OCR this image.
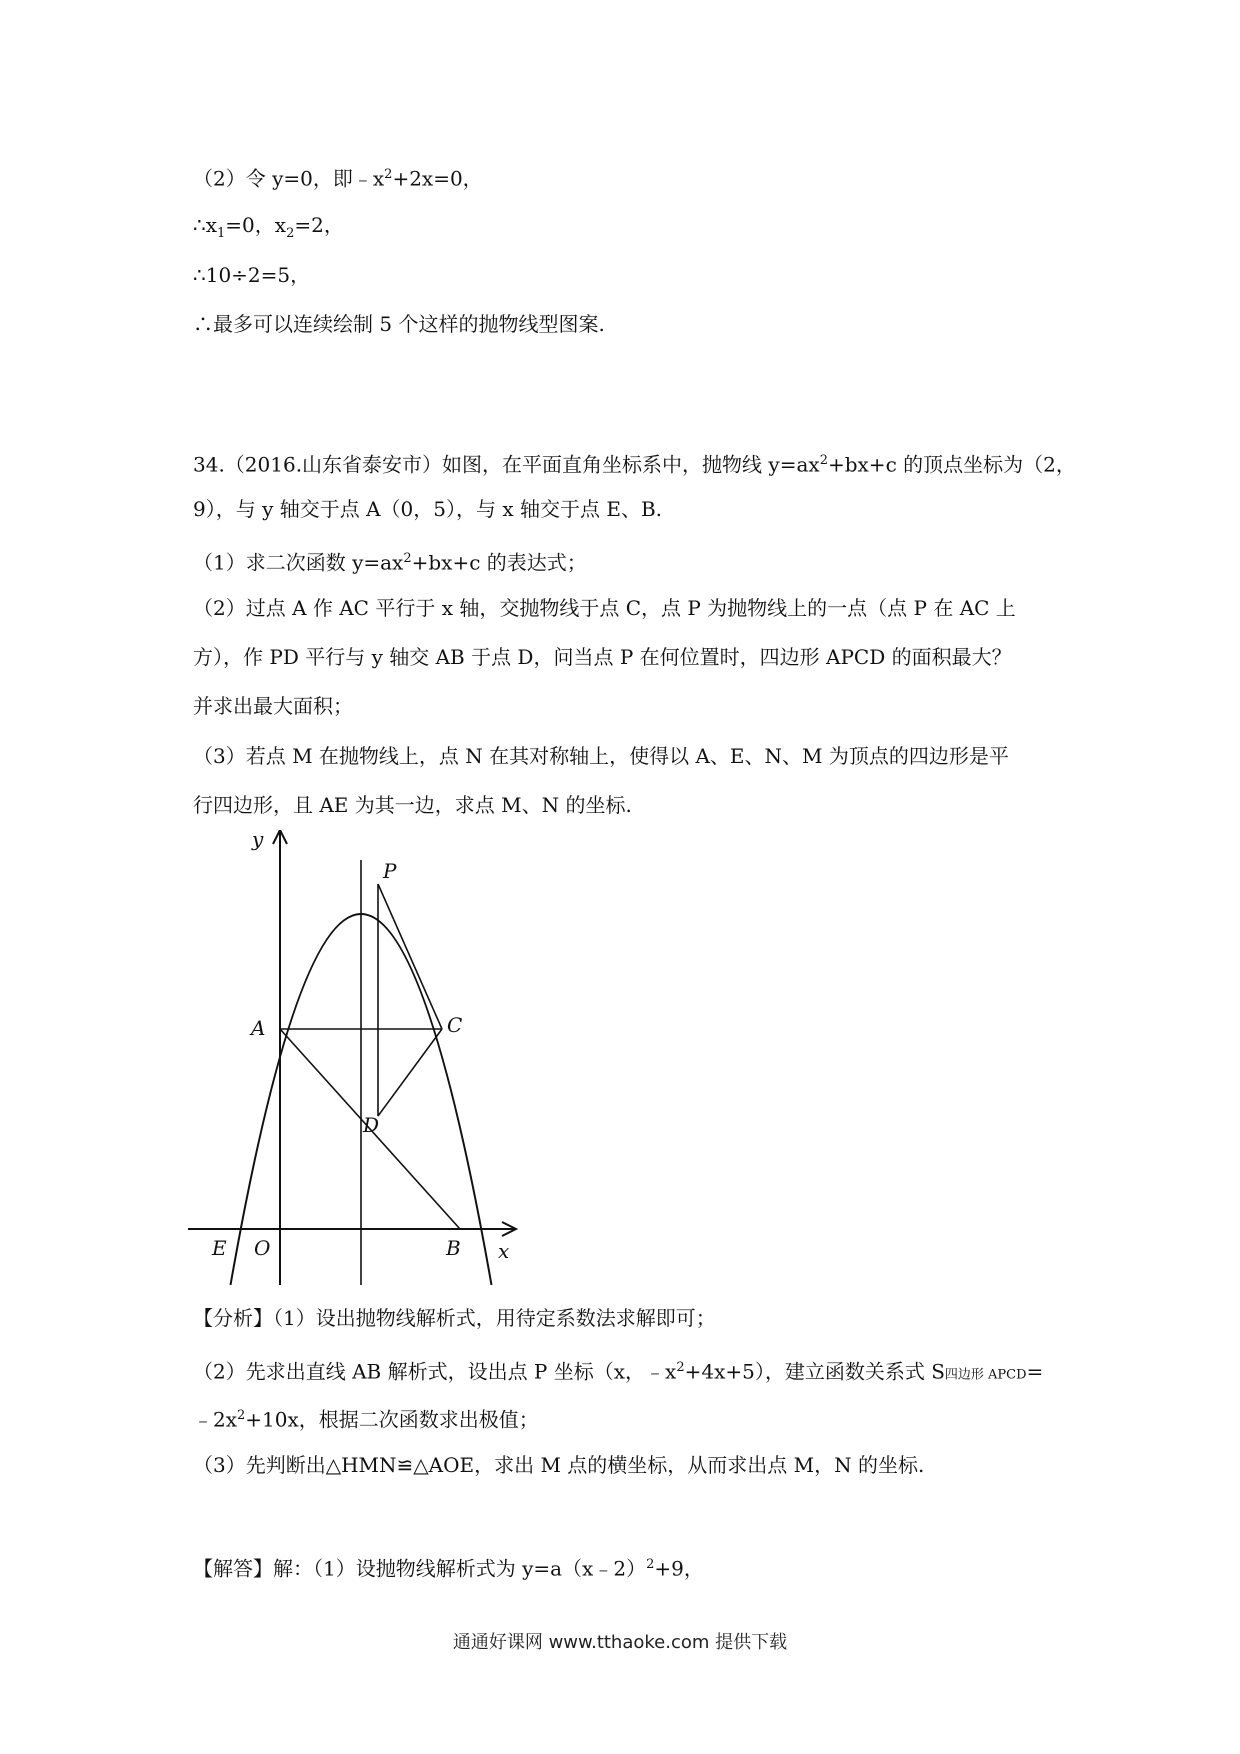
（2）令 y=0，即$﹣x^2+2x=0$，
$\therefore x_1=0$，$x_2=2$，
∴10÷2=5，
∴最多可以连续绘制 5 个这样的抛物线型图案.
34.（2016.山东省泰安市）如图，在平面直角坐标系中，抛物线 $y=ax^2+bx+c$ 的顶点坐标为（2，
9），与 y 轴交于点 A（0，5），与 x 轴交于点 E、B.
（1）求二次函数 $y=ax^2+bx+c$ 的表达式；
（2）过点 A 作 AC 平行于 x 轴，交抛物线于点 C，点 P 为抛物线上的一点（点 P 在 AC 上
方），作 PD 平行与 y 轴交 AB 于点 D，问当点 P 在何位置时，四边形 APCD 的面积最大？
并求出最大面积；
（3）若点 M 在抛物线上，点 N 在其对称轴上，使得以 A、E、N、M 为顶点的四边形是平
行四边形，且 AE 为其一边，求点 M、N 的坐标.
y
x
P
A	C
D
E O	B
【分析】（1）设出抛物线解析式，用待定系数法求解即可；
（2）先求出直线 AB 解析式，设出点 P 坐标（x，$﹣x^2+4x+5$），建立函数关系式 S四边形 APCD=
$﹣2x^2+10x$，根据二次函数求出极值；
（3）先判断出△HMN≌△AOE，求出 M 点的横坐标，从而求出点 M，N 的坐标.
【解答】解：（1）设抛物线解析式为 y=a（x﹣2）$^2$+9，
通通好课网 www.tthaoke.com 提供下载
